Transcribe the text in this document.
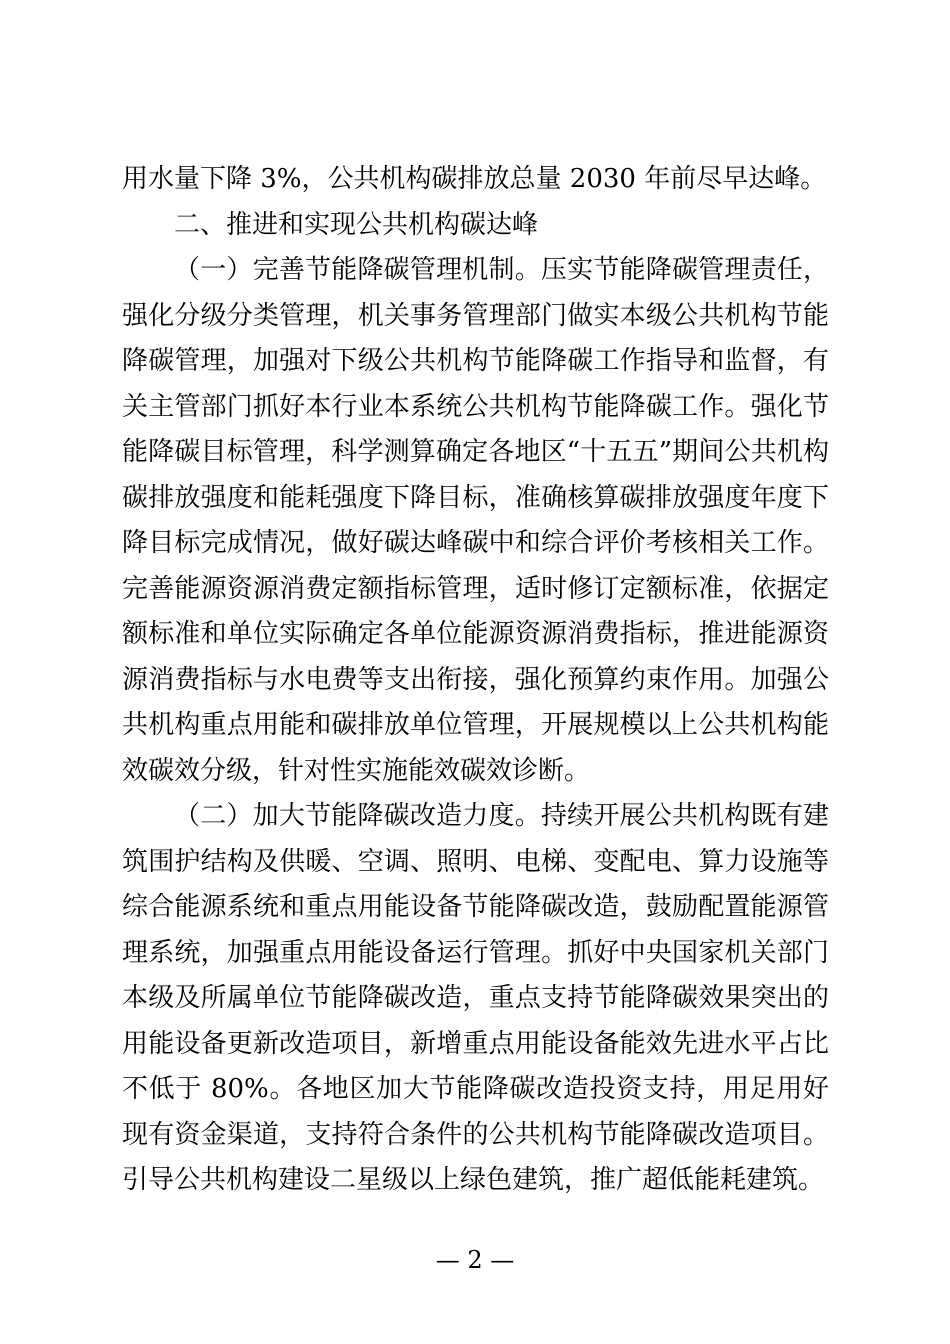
用水量下降 3%，公共机构碳排放总量 2030 年前尽早达峰。

二、推进和实现公共机构碳达峰

（一）完善节能降碳管理机制。压实节能降碳管理责任，强化分级分类管理，机关事务管理部门做实本级公共机构节能降碳管理，加强对下级公共机构节能降碳工作指导和监督，有关主管部门抓好本行业本系统公共机构节能降碳工作。强化节能降碳目标管理，科学测算确定各地区“十五五”期间公共机构碳排放强度和能耗强度下降目标，准确核算碳排放强度年度下降目标完成情况，做好碳达峰碳中和综合评价考核相关工作。完善能源资源消费定额指标管理，适时修订定额标准，依据定额标准和单位实际确定各单位能源资源消费指标，推进能源资源消费指标与水电费等支出衔接，强化预算约束作用。加强公共机构重点用能和碳排放单位管理，开展规模以上公共机构能效碳效分级，针对性实施能效碳效诊断。

（二）加大节能降碳改造力度。持续开展公共机构既有建筑围护结构及供暖、空调、照明、电梯、变配电、算力设施等综合能源系统和重点用能设备节能降碳改造，鼓励配置能源管理系统，加强重点用能设备运行管理。抓好中央国家机关部门本级及所属单位节能降碳改造，重点支持节能降碳效果突出的用能设备更新改造项目，新增重点用能设备能效先进水平占比不低于 80%。各地区加大节能降碳改造投资支持，用足用好现有资金渠道，支持符合条件的公共机构节能降碳改造项目。引导公共机构建设二星级以上绿色建筑，推广超低能耗建筑。

— 2 —
